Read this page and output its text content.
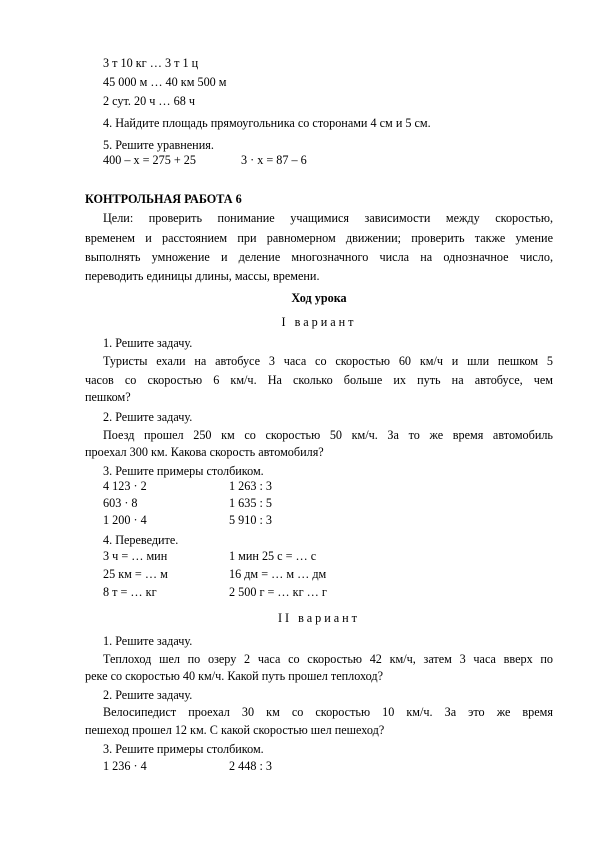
3 т 10 кг … 3 т 1 ц
45 000 м … 40 км 500 м
2 сут. 20 ч … 68 ч
4. Найдите площадь прямоугольника со сторонами 4 см и 5 см.
5. Решите уравнения.
400 – х = 275 + 25	3 · х = 87 – 6
КОНТРОЛЬНАЯ РАБОТА 6
Цели: проверить понимание учащимися зависимости между скоростью,
временем и расстоянием при равномерном движении; проверить также умение
выполнять умножение и деление многозначного числа на однозначное число,
переводить единицы длины, массы, времени.
Ход урока
I вариант
1. Решите задачу.
Туристы ехали на автобусе 3 часа со скоростью 60 км/ч и шли пешком 5
часов со скоростью 6 км/ч. На сколько больше их путь на автобусе, чем
пешком?
2. Решите задачу.
Поезд прошел 250 км со скоростью 50 км/ч. За то же время автомобиль
проехал 300 км. Какова скорость автомобиля?
3. Решите примеры столбиком.
4 123 · 2	1 263 : 3
603 · 8	1 635 : 5
1 200 · 4	5 910 : 3
4. Переведите.
3 ч = … мин	1 мин 25 с = … с
25 км = … м	16 дм = … м … дм
8 т = … кг	2 500 г = … кг … г
II вариант
1. Решите задачу.
Теплоход шел по озеру 2 часа со скоростью 42 км/ч, затем 3 часа вверх по
реке со скоростью 40 км/ч. Какой путь прошел теплоход?
2. Решите задачу.
Велосипедист проехал 30 км со скоростью 10 км/ч. За это же время
пешеход прошел 12 км. С какой скоростью шел пешеход?
3. Решите примеры столбиком.
1 236 · 4	2 448 : 3
